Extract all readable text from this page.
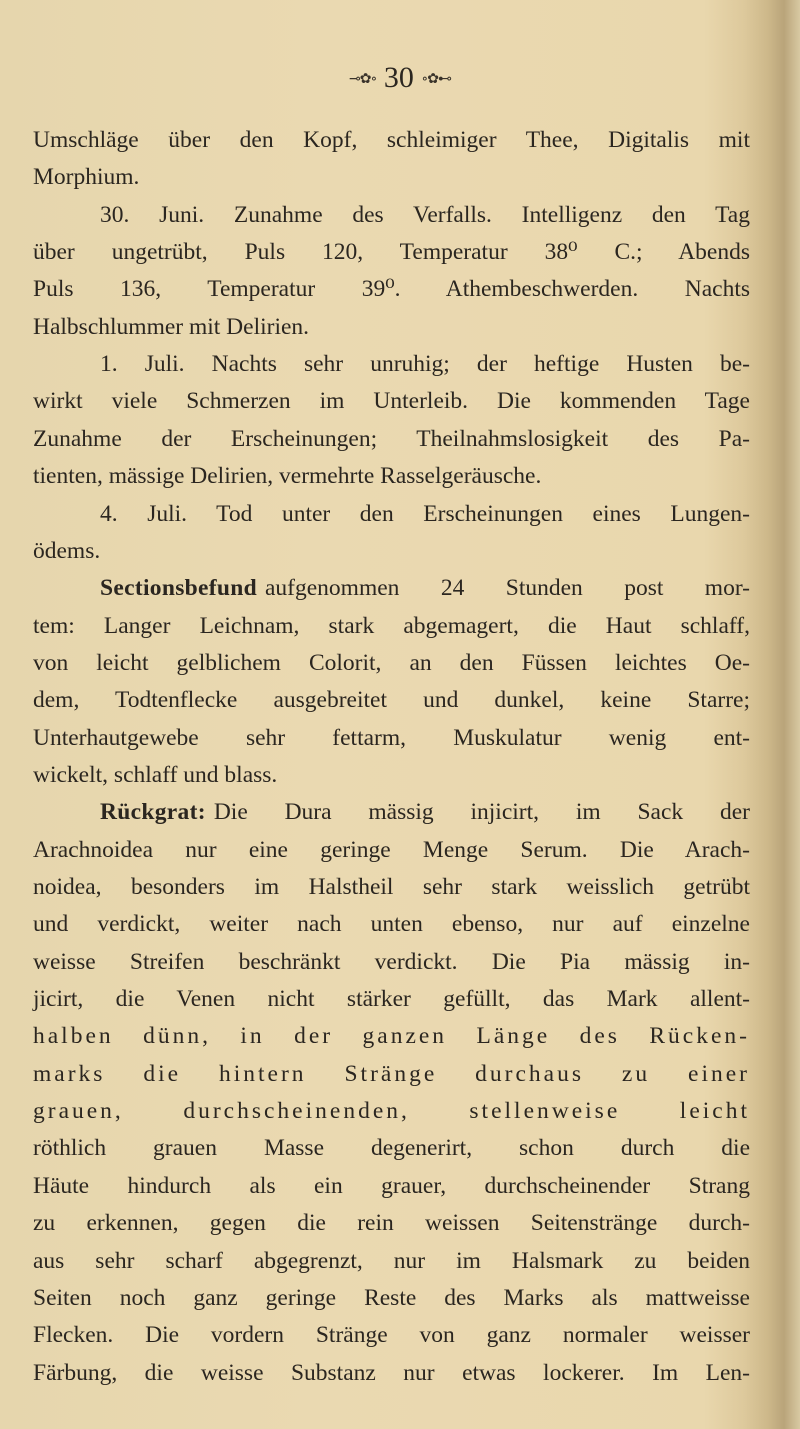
⊸✿∘ 30 ∘✿⊷
Umschläge über den Kopf, schleimiger Thee, Digitalis mit
Morphium.
30. Juni. Zunahme des Verfalls. Intelligenz den Tag
über ungetrübt, Puls 120, Temperatur 38⁰ C.; Abends
Puls 136, Temperatur 39⁰. Athembeschwerden. Nachts
Halbschlummer mit Delirien.
1. Juli. Nachts sehr unruhig; der heftige Husten be-
wirkt viele Schmerzen im Unterleib. Die kommenden Tage
Zunahme der Erscheinungen; Theilnahmslosigkeit des Pa-
tienten, mässige Delirien, vermehrte Rasselgeräusche.
4. Juli. Tod unter den Erscheinungen eines Lungen-
ödems.
Sectionsbefund aufgenommen 24 Stunden post mor-
tem: Langer Leichnam, stark abgemagert, die Haut schlaff,
von leicht gelblichem Colorit, an den Füssen leichtes Oe-
dem, Todtenflecke ausgebreitet und dunkel, keine Starre;
Unterhautgewebe sehr fettarm, Muskulatur wenig ent-
wickelt, schlaff und blass.
Rückgrat: Die Dura mässig injicirt, im Sack der
Arachnoidea nur eine geringe Menge Serum. Die Arach-
noidea, besonders im Halstheil sehr stark weisslich getrübt
und verdickt, weiter nach unten ebenso, nur auf einzelne
weisse Streifen beschränkt verdickt. Die Pia mässig in-
jicirt, die Venen nicht stärker gefüllt, das Mark allent-
halben dünn, in der ganzen Länge des Rücken-
marks die hintern Stränge durchaus zu einer
grauen, durchscheinenden, stellenweise leicht
röthlich grauen Masse degenerirt, schon durch die
Häute hindurch als ein grauer, durchscheinender Strang
zu erkennen, gegen die rein weissen Seitenstränge durch-
aus sehr scharf abgegrenzt, nur im Halsmark zu beiden
Seiten noch ganz geringe Reste des Marks als mattweisse
Flecken. Die vordern Stränge von ganz normaler weisser
Färbung, die weisse Substanz nur etwas lockerer. Im Len-
